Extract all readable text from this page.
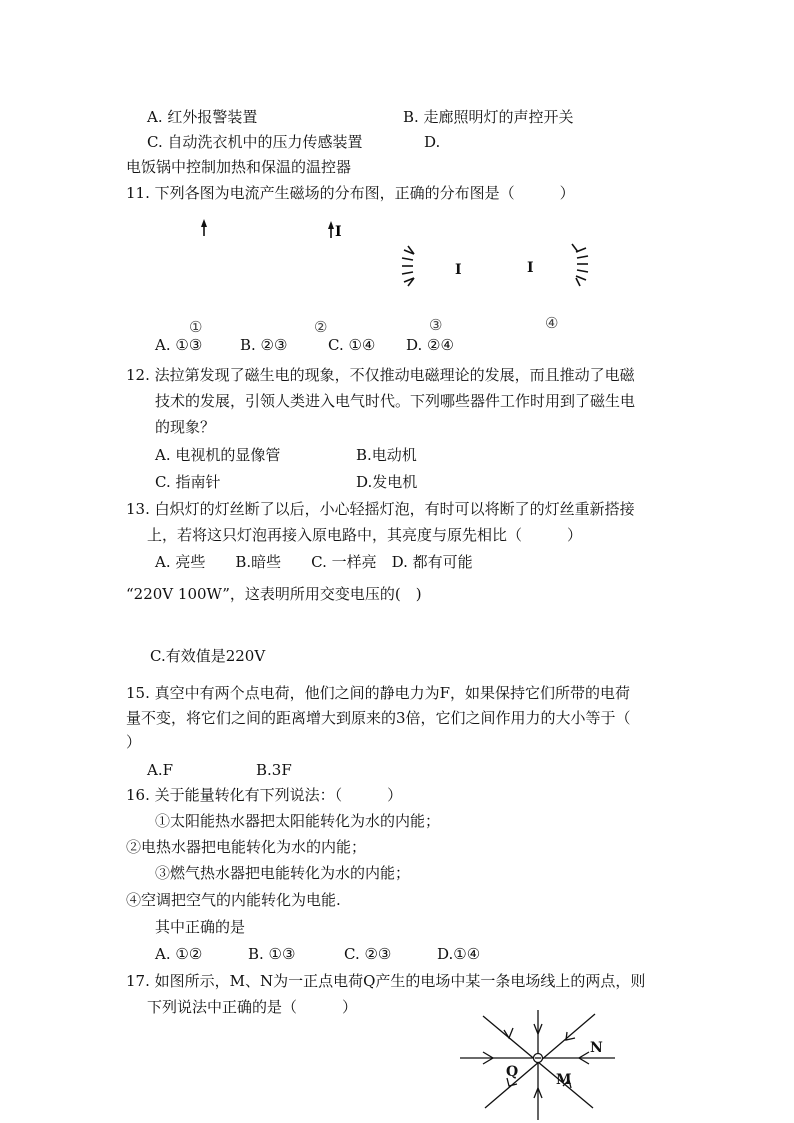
A. 红外报警装置	B. 走廊照明灯的声控开关
C. 自动洗衣机中的压力传感装置	D.
电饭锅中控制加热和保温的温控器
11. 下列各图为电流产生磁场的分布图，正确的分布图是（　　　）
I
I	I
①	②	③	④
A. ①③	B. ②③	C. ①④ D. ②④
12. 法拉第发现了磁生电的现象，不仅推动电磁理论的发展，而且推动了电磁
技术的发展，引领人类进入电气时代。下列哪些器件工作时用到了磁生电
的现象？
A. 电视机的显像管	B.电动机
C. 指南针	D.发电机
13. 白炽灯的灯丝断了以后，小心轻摇灯泡，有时可以将断了的灯丝重新搭接
上，若将这只灯泡再接入原电路中，其亮度与原先相比（　　　）
A. 亮些　　B.暗些　　C. 一样亮　D. 都有可能
“220V 100W”，这表明所用交变电压的(　)
C.有效值是220V
15. 真空中有两个点电荷，他们之间的静电力为F，如果保持它们所带的电荷
量不变，将它们之间的距离增大到原来的3倍，它们之间作用力的大小等于（
）
A.F	B.3F
16. 关于能量转化有下列说法：（　　　）
①太阳能热水器把太阳能转化为水的内能；
②电热水器把电能转化为水的内能；
③燃气热水器把电能转化为水的内能；
④空调把空气的内能转化为电能.
其中正确的是
A. ①②	B. ①③	C. ②③	D.①④
17. 如图所示，M、N为一正点电荷Q产生的电场中某一条电场线上的两点，则
下列说法中正确的是（　　　）
N
Q	M
